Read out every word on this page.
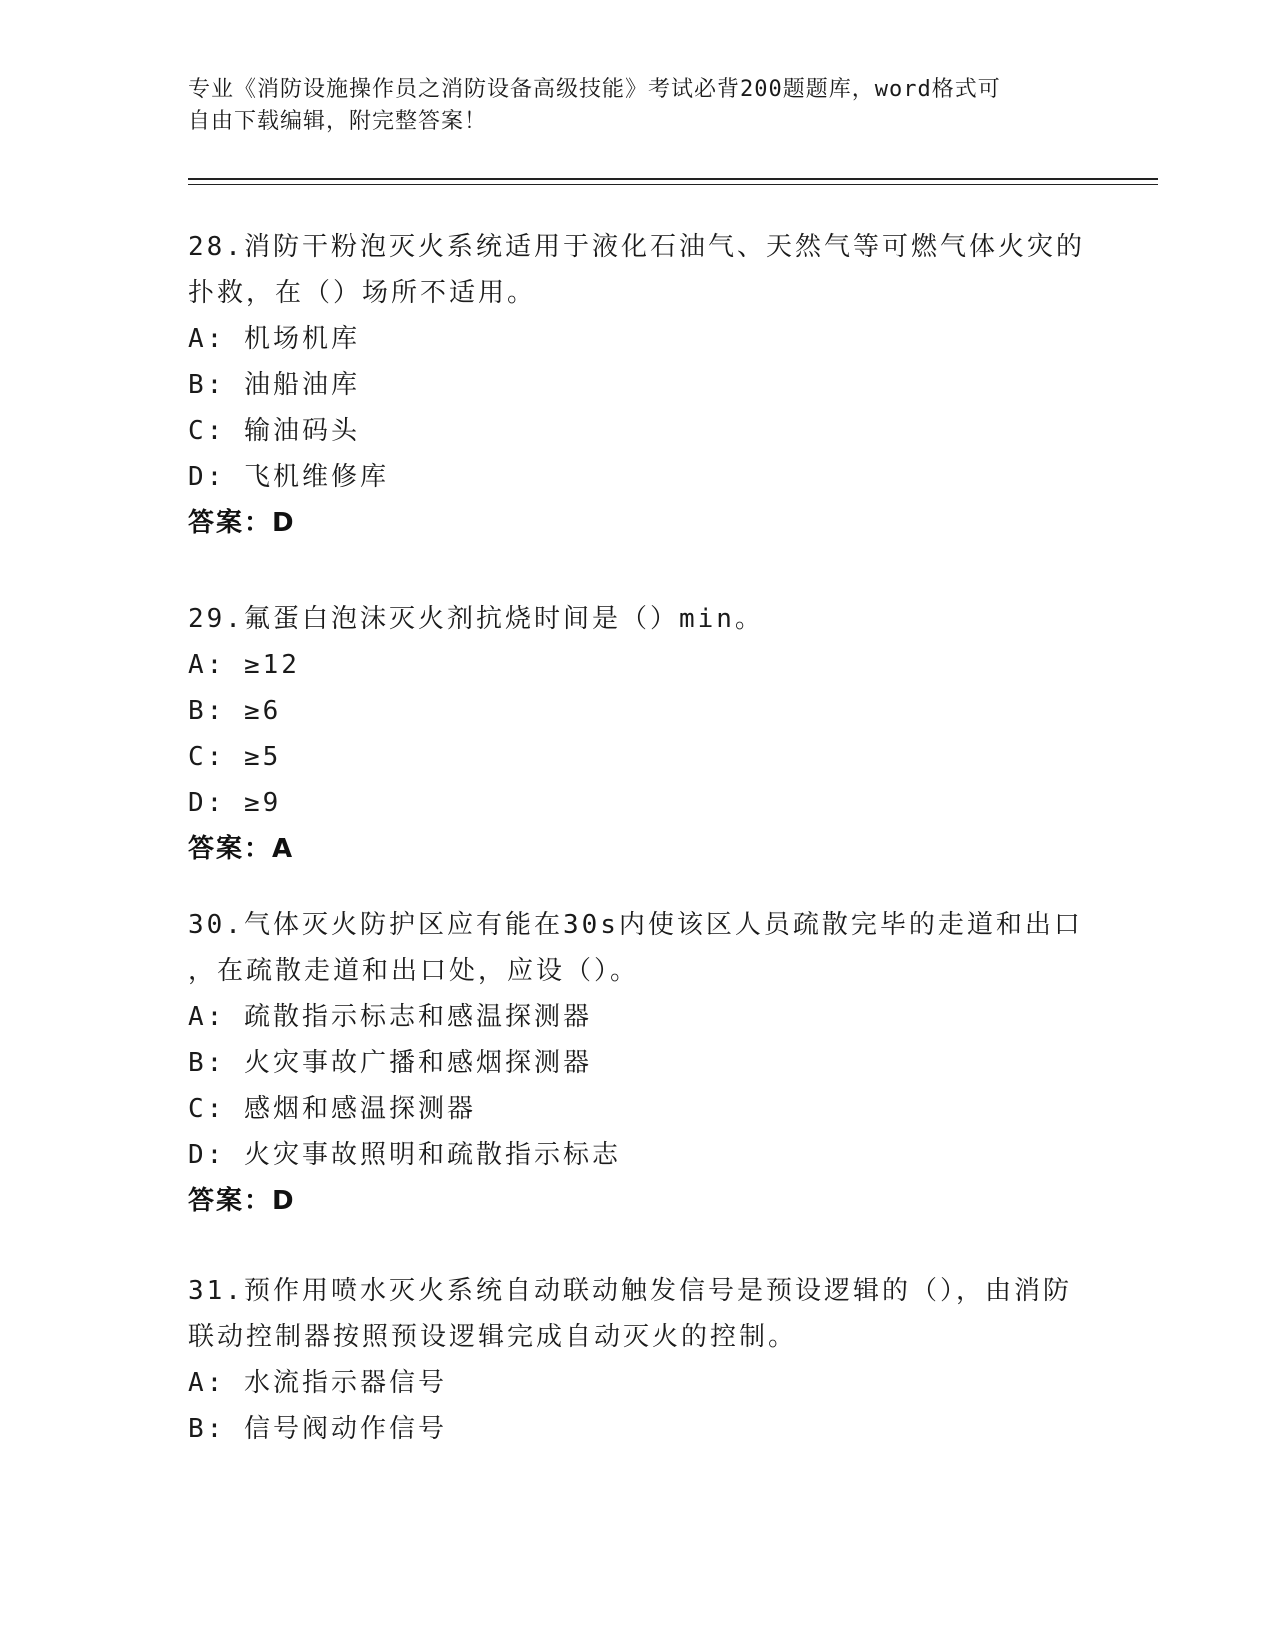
专业《消防设施操作员之消防设备高级技能》考试必背200题题库，word格式可
自由下载编辑，附完整答案！
28.消防干粉泡灭火系统适用于液化石油气、天然气等可燃气体火灾的
扑救，在（）场所不适用。
A: 机场机库
B: 油船油库
C: 输油码头
D: 飞机维修库
答案：D
29.氟蛋白泡沫灭火剂抗烧时间是（）min。
A: ≥12
B: ≥6
C: ≥5
D: ≥9
答案：A
30.气体灭火防护区应有能在30s内使该区人员疏散完毕的走道和出口
，在疏散走道和出口处，应设（）。
A: 疏散指示标志和感温探测器
B: 火灾事故广播和感烟探测器
C: 感烟和感温探测器
D: 火灾事故照明和疏散指示标志
答案：D
31.预作用喷水灭火系统自动联动触发信号是预设逻辑的（），由消防
联动控制器按照预设逻辑完成自动灭火的控制。
A: 水流指示器信号
B: 信号阀动作信号
